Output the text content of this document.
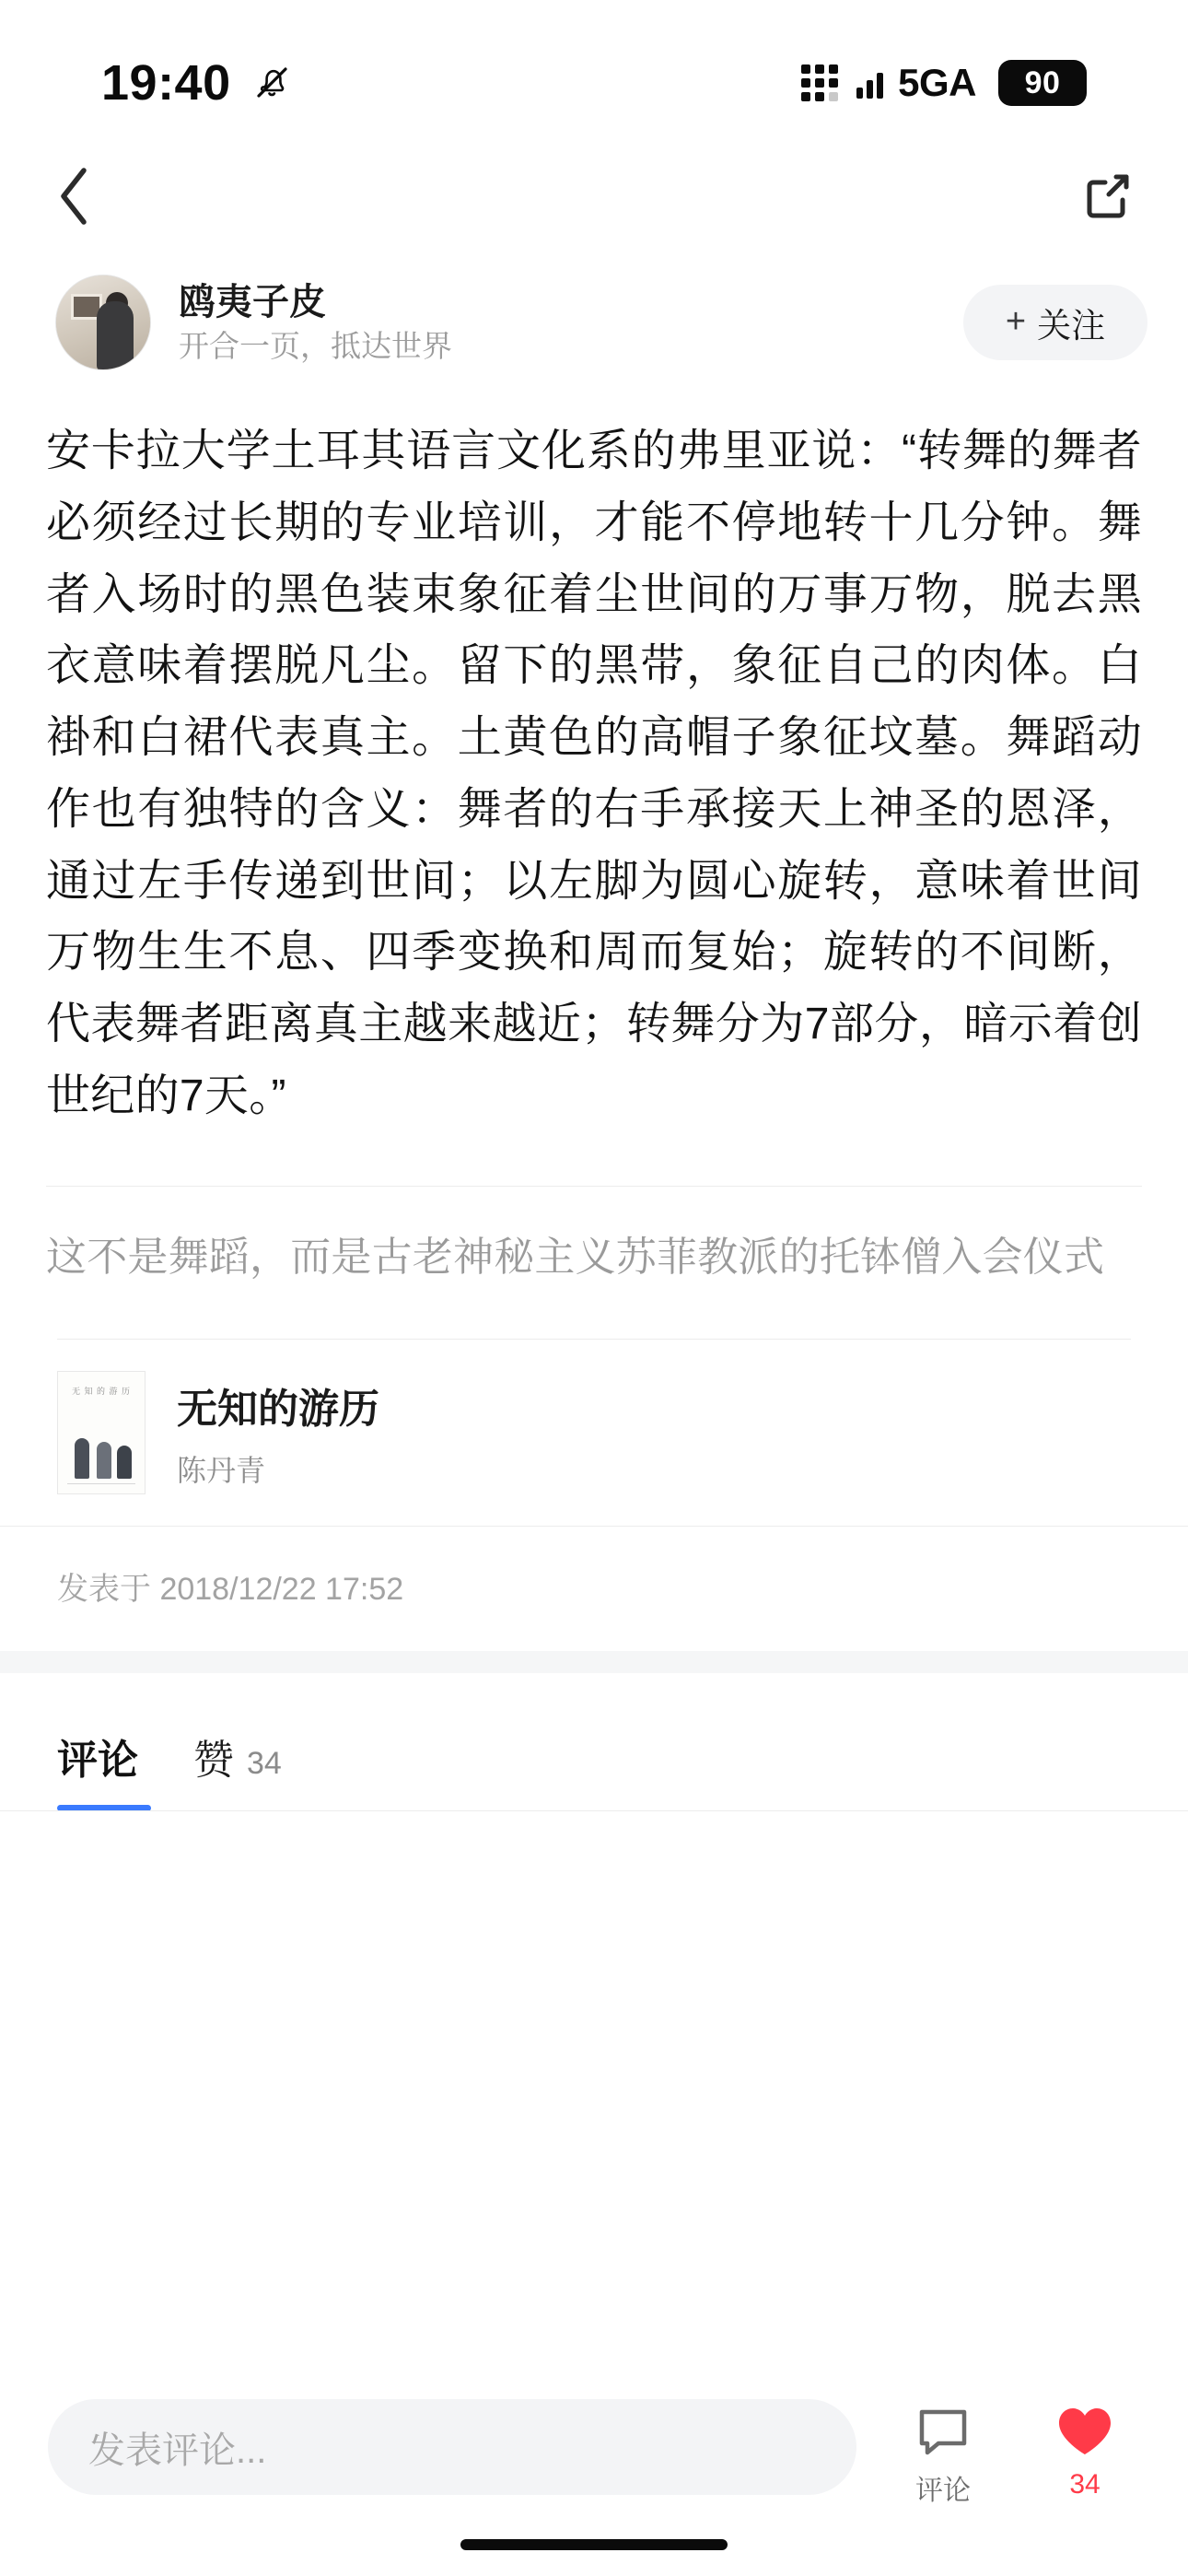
19:40	5GA	90
鸥夷子皮
开合一页，抵达世界
+ 关注

安卡拉大学土耳其语言文化系的弗里亚说：“转舞的舞者必须经过长期的专业培训，才能不停地转十几分钟。舞者入场时的黑色装束象征着尘世间的万事万物，脱去黑衣意味着摆脱凡尘。留下的黑带，象征自己的肉体。白褂和白裙代表真主。土黄色的高帽子象征坟墓。舞蹈动作也有独特的含义：舞者的右手承接天上神圣的恩泽，通过左手传递到世间；以左脚为圆心旋转，意味着世间万物生生不息、四季变换和周而复始；旋转的不间断，代表舞者距离真主越来越近；转舞分为7部分，暗示着创世纪的7天。”

这不是舞蹈，而是古老神秘主义苏菲教派的托钵僧入会仪式
无 知 的 游 历	无知的游历
陈丹青
发表于 2018/12/22 17:52
评论 赞 34
发表评论...
评论	34
